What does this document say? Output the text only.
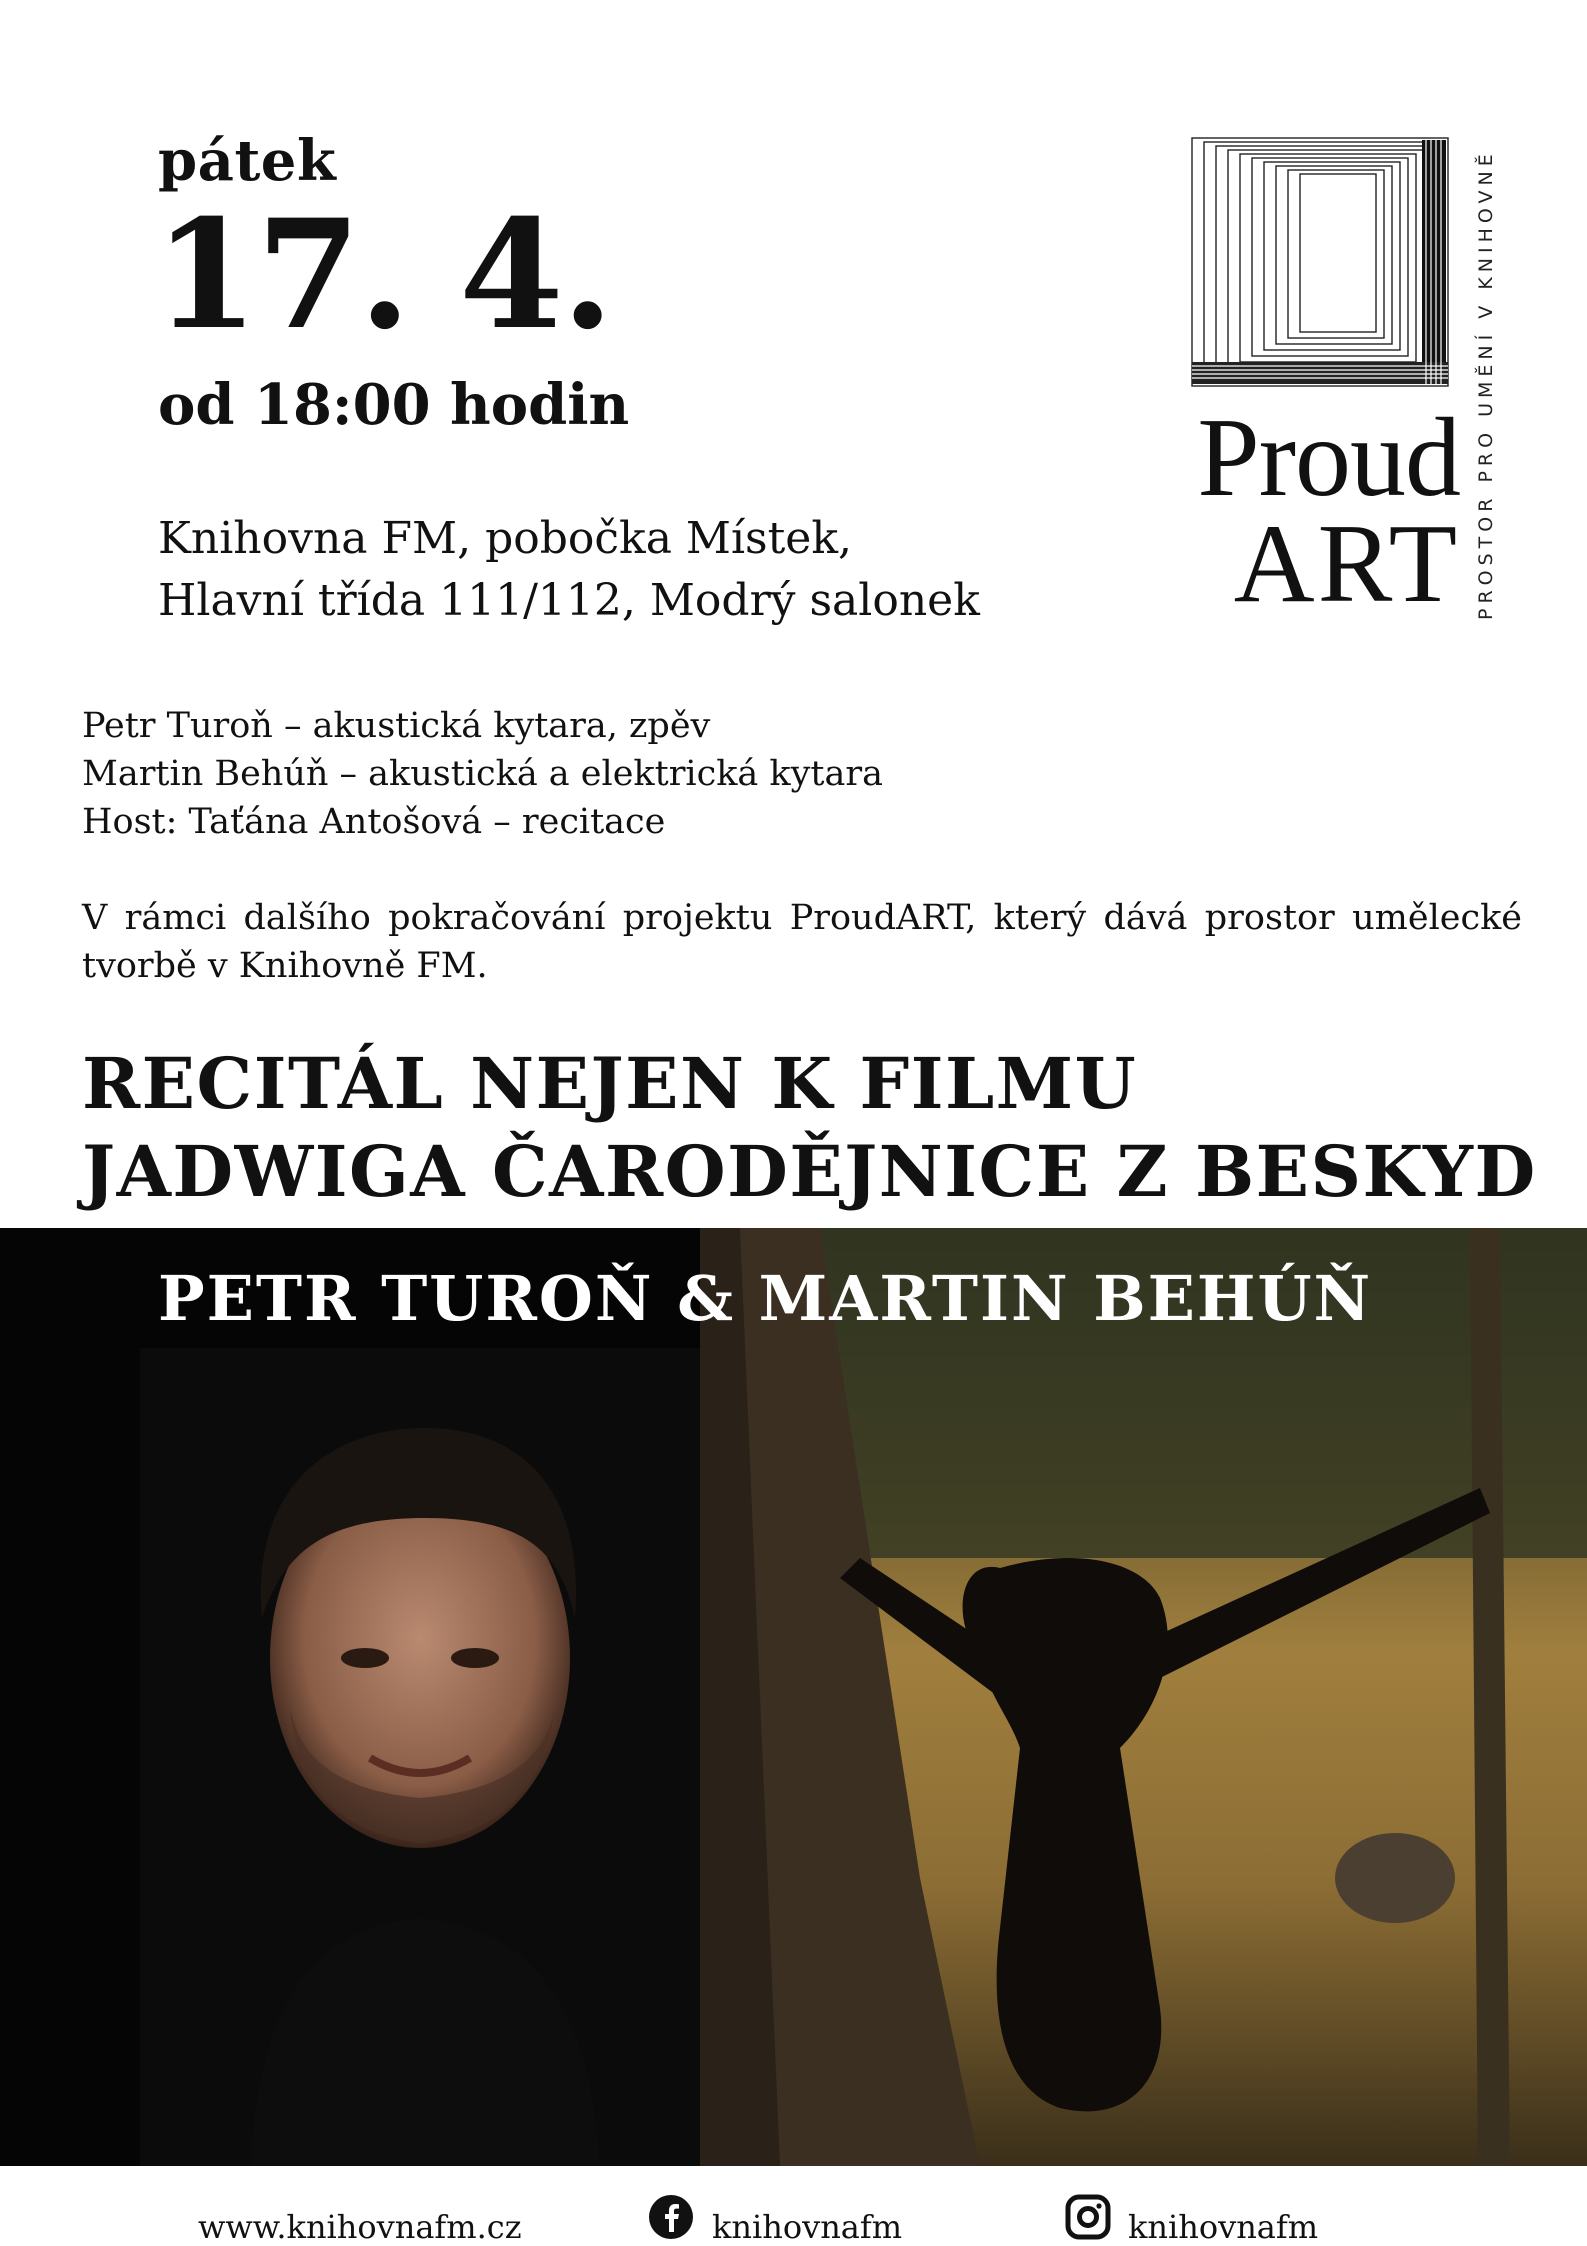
pátek
17. 4.
od 18:00 hodin
Knihovna FM, pobočka Místek,
Hlavní třída 111/112, Modrý salonek
Proud
ART PROSTOR PRO UMĚNÍ V KNIHOVNĚ
Petr Turoň – akustická kytara, zpěv
Martin Behúň – akustická a elektrická kytara
Host: Taťána Antošová – recitace
V rámci dalšího pokračování projektu ProudART, který dává prostor umělecké tvorbě v Knihovně FM.
RECITÁL NEJEN K FILMU
JADWIGA ČARODĚJNICE Z BESKYD
PETR TUROŇ & MARTIN BEHÚŇ
www.knihovnafm.cz	knihovnafm	knihovnafm
